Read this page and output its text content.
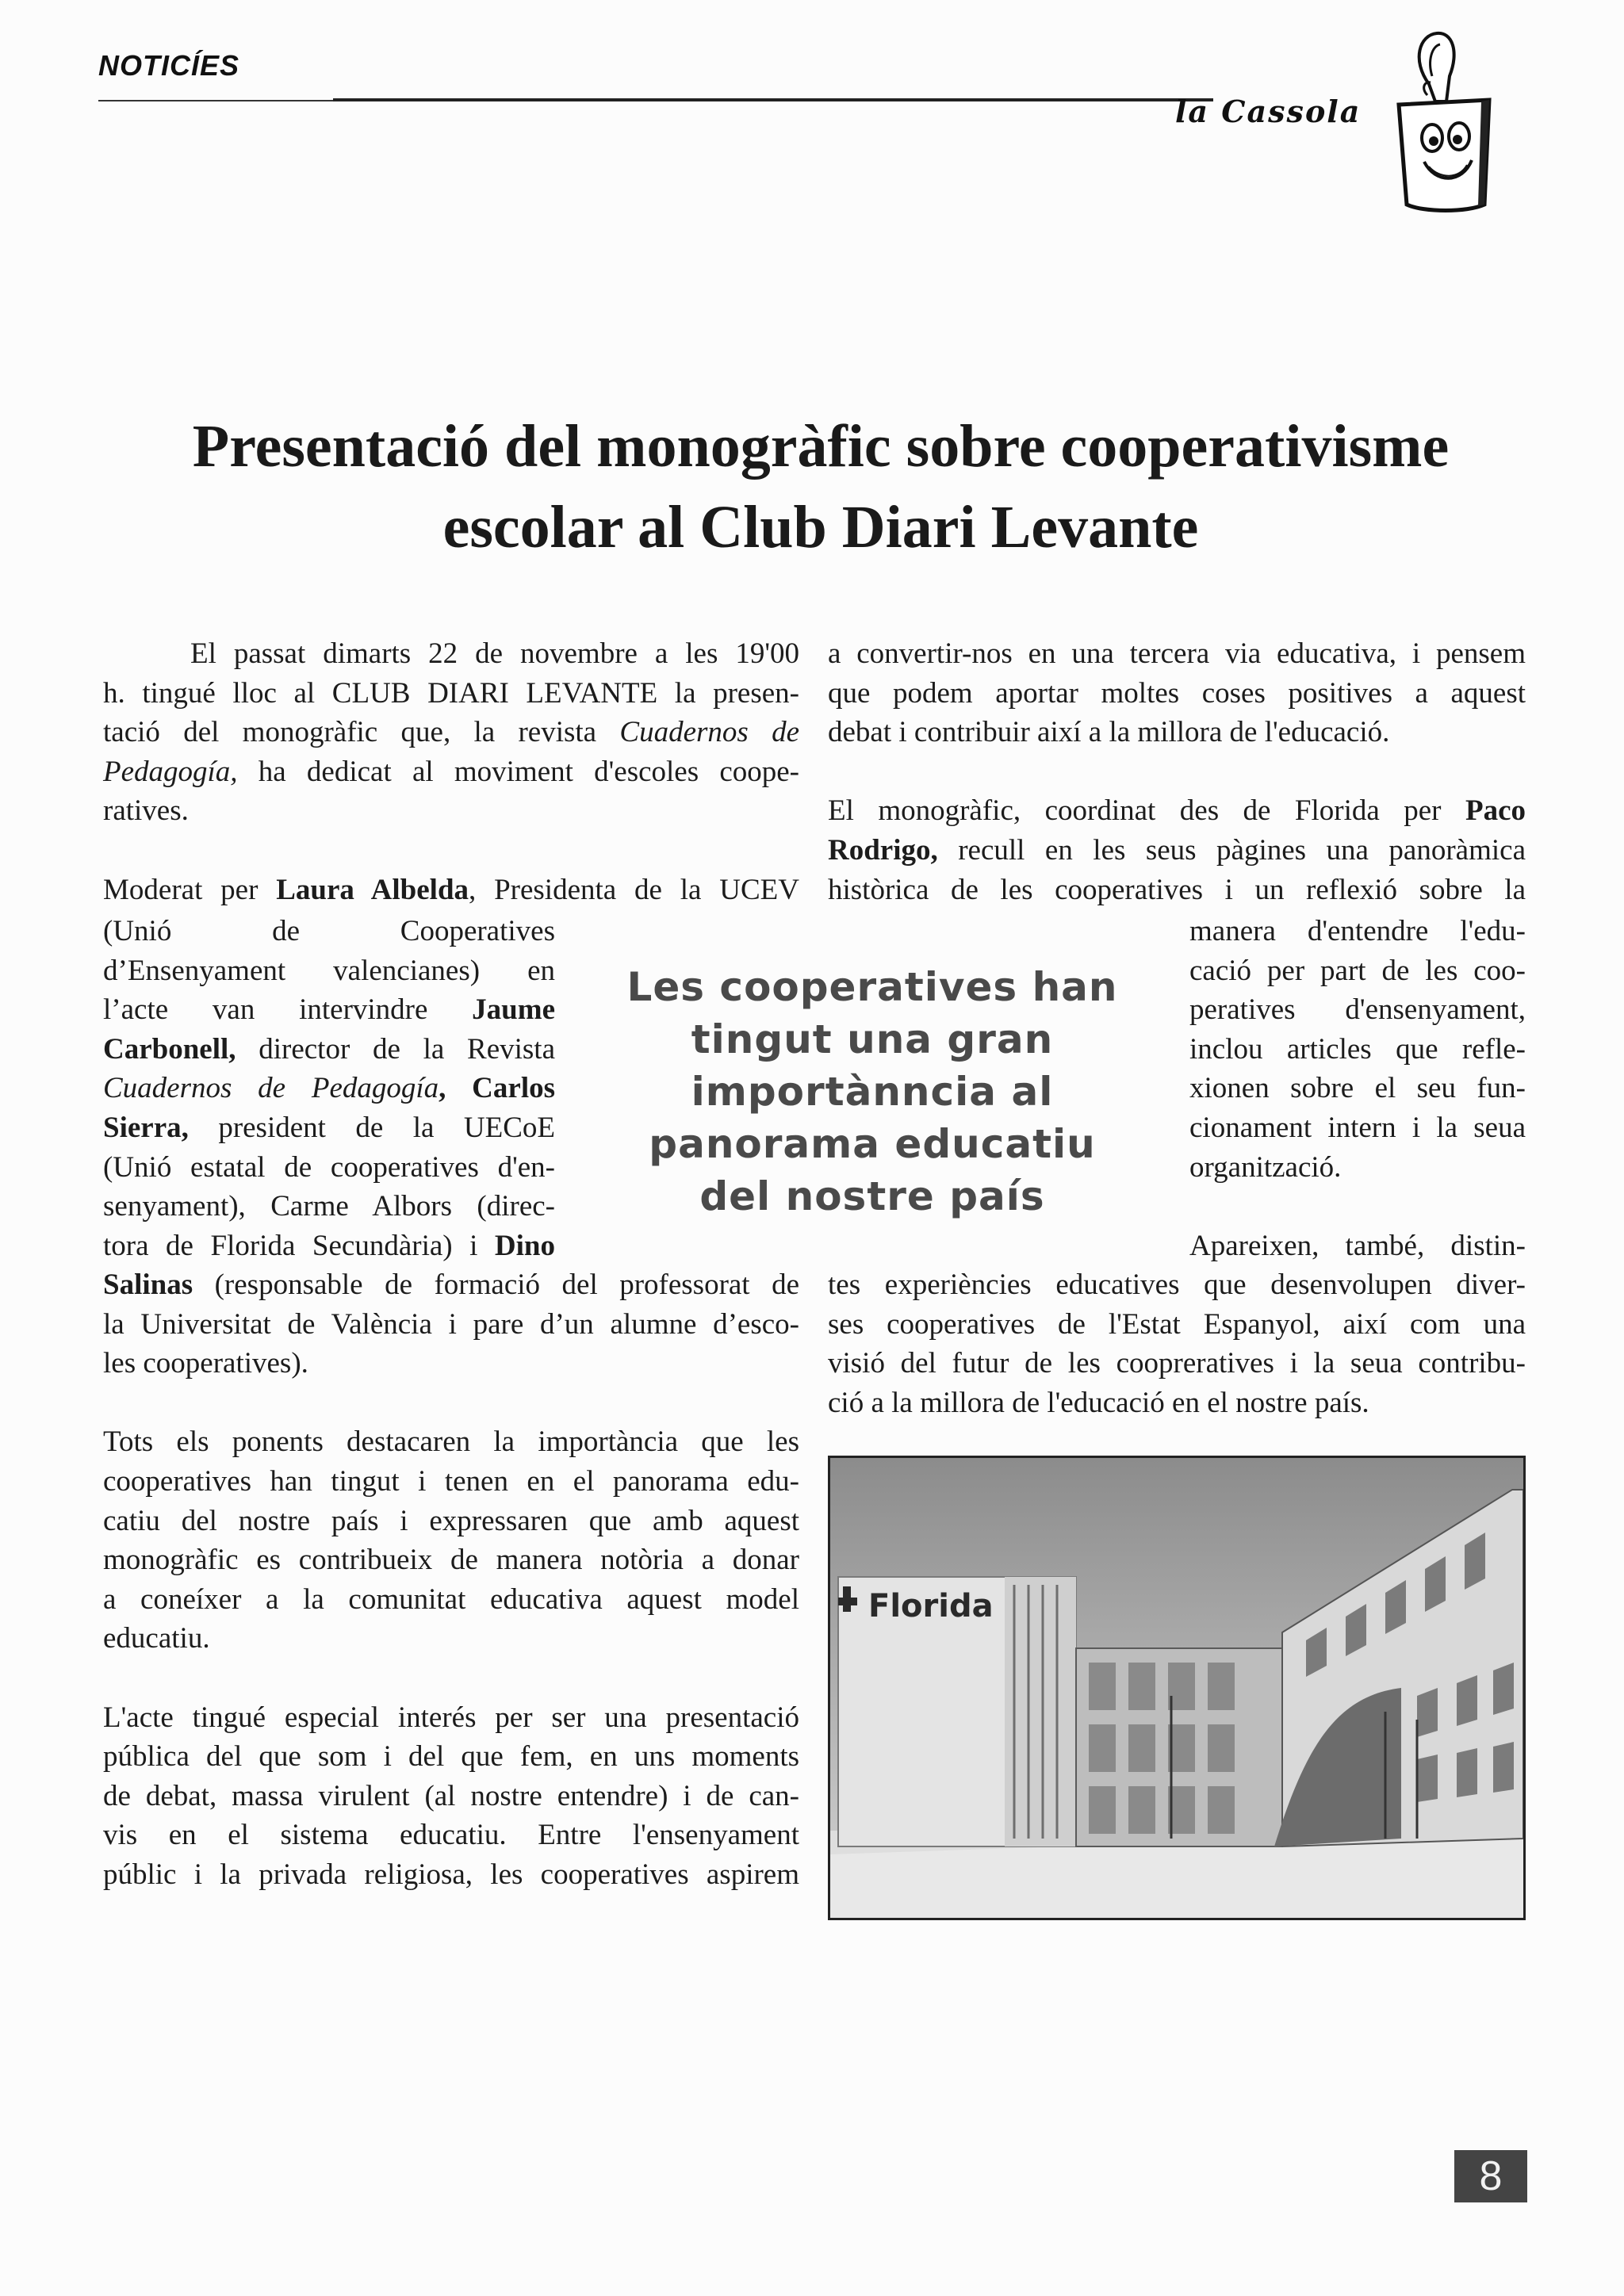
NOTICÍES
la Cassola
Presentació del monogràfic sobre cooperativisme
escolar al Club Diari Levante

El passat dimarts 22 de novembre a les 19'00
h. tingué lloc al CLUB DIARI LEVANTE la presen-
tació del monogràfic que, la revista Cuadernos de
Pedagogía, ha dedicat al moviment d'escoles coope-
ratives.

Moderat per Laura Albelda, Presidenta de la UCEV

(Unió de Cooperatives
d’Ensenyament valencianes) en
l’acte van intervindre Jaume
Carbonell, director de la Revista
Cuadernos de Pedagogía, Carlos
Sierra, president de la UECoE
(Unió estatal de cooperatives d'en-
senyament), Carme Albors (direc-
tora de Florida Secundària) i Dino

Salinas (responsable de formació del professorat de
la Universitat de València i pare d’un alumne d’esco-
les cooperatives).

Tots els ponents destacaren la importància que les
cooperatives han tingut i tenen en el panorama edu-
catiu del nostre país i expressaren que amb aquest
monogràfic es contribueix de manera notòria a donar
a coneíxer a la comunitat educativa aquest model
educatiu.

L'acte tingué especial interés per ser una presentació
pública del que som i del que fem, en uns moments
de debat, massa virulent (al nostre entendre) i de can-
vis en el sistema educatiu. Entre l'ensenyament
públic i la privada religiosa, les cooperatives aspirem

Les cooperatives han
tingut una gran
importànncia al
panorama educatiu
del nostre país

a convertir-nos en una tercera via educativa, i pensem
que podem aportar moltes coses positives a aquest
debat i contribuir així a la millora de l'educació.

El monogràfic, coordinat des de Florida per Paco
Rodrigo, recull en les seus pàgines una panoràmica
històrica de les cooperatives i un reflexió sobre la

manera d'entendre l'edu-
cació per part de les coo-
peratives d'ensenyament,
inclou articles que refle-
xionen sobre el seu fun-
cionament intern i la seua
organització.
Apareixen, també, distin-
tes experiències educatives que desenvolupen diver-
ses cooperatives de l'Estat Espanyol, així com una
visió del futur de les coopreratives i la seua contribu-
ció a la millora de l'educació en el nostre país.
Florida
8
